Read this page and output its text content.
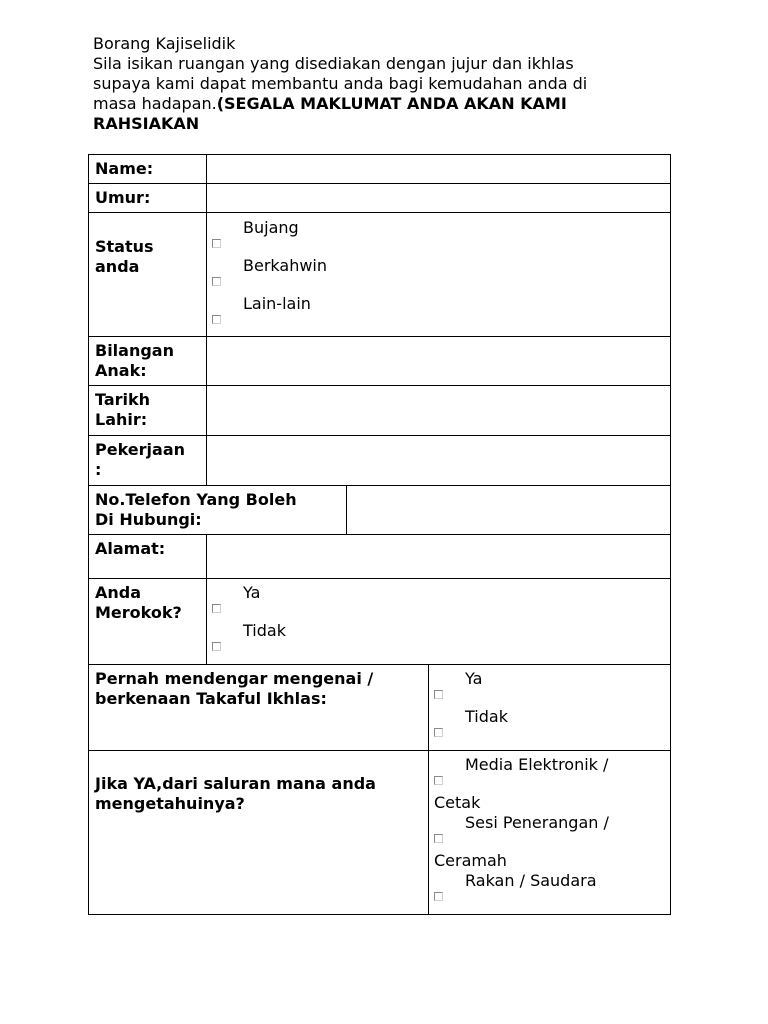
Borang Kajiselidik
Sila isikan ruangan yang disediakan dengan jujur dan ikhlas
supaya kami dapat membantu anda bagi kemudahan anda di
masa hadapan.(SEGALA MAKLUMAT ANDA AKAN KAMI
RAHSIAKAN
Name:
Umur:
Status
anda
Bujang
Berkahwin
Lain-lain
Bilangan
Anak:
Tarikh
Lahir:
Pekerjaan
:
No.Telefon Yang Boleh
Di Hubungi:
Alamat:
Anda
Merokok?
Ya
Tidak
Pernah mendengar mengenai /
berkenaan Takaful Ikhlas:
Ya
Tidak
Jika YA,dari saluran mana anda
mengetahuinya?
Media Elektronik /
Cetak
Sesi Penerangan /
Ceramah
Rakan / Saudara
